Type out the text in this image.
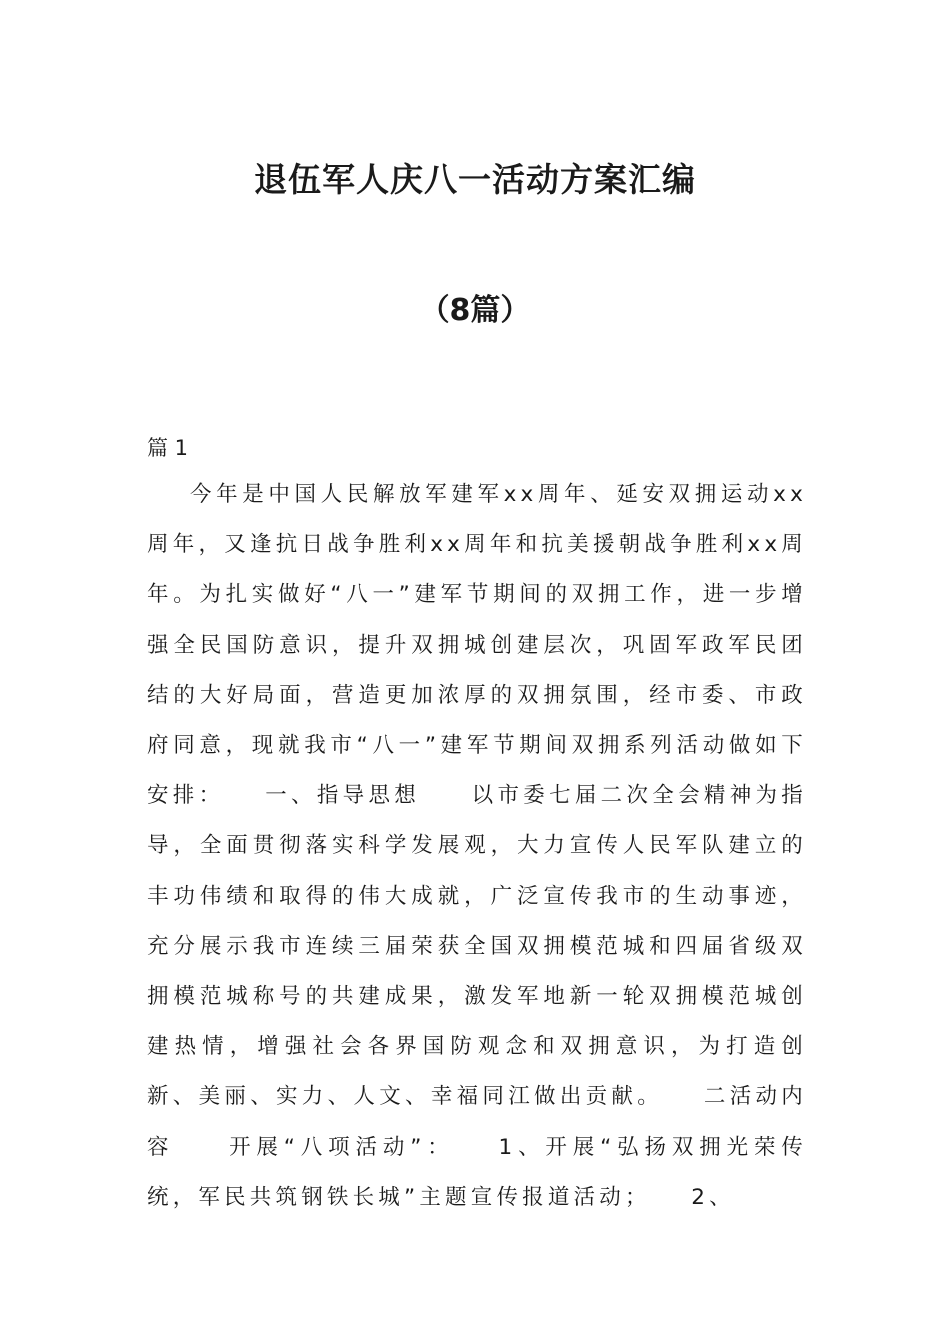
退伍军人庆八一活动方案汇编
（8篇）

篇 1

今年是中国人民解放军建军xx周年、延安双拥运动xx周年，又逢抗日战争胜利xx周年和抗美援朝战争胜利xx周年。为扎实做好“八一”建军节期间的双拥工作，进一步增强全民国防意识，提升双拥城创建层次，巩固军政军民团结的大好局面，营造更加浓厚的双拥氛围，经市委、市政府同意，现就我市“八一”建军节期间双拥系列活动做如下安排：　　一、指导思想　　以市委七届二次全会精神为指导，全面贯彻落实科学发展观，大力宣传人民军队建立的丰功伟绩和取得的伟大成就，广泛宣传我市的生动事迹，充分展示我市连续三届荣获全国双拥模范城和四届省级双拥模范城称号的共建成果，激发军地新一轮双拥模范城创建热情，增强社会各界国防观念和双拥意识，为打造创新、美丽、实力、人文、幸福同江做出贡献。　　二活动内容　　开展“八项活动”：　　1、开展“弘扬双拥光荣传统，军民共筑钢铁长城”主题宣传报道活动；　　2、
